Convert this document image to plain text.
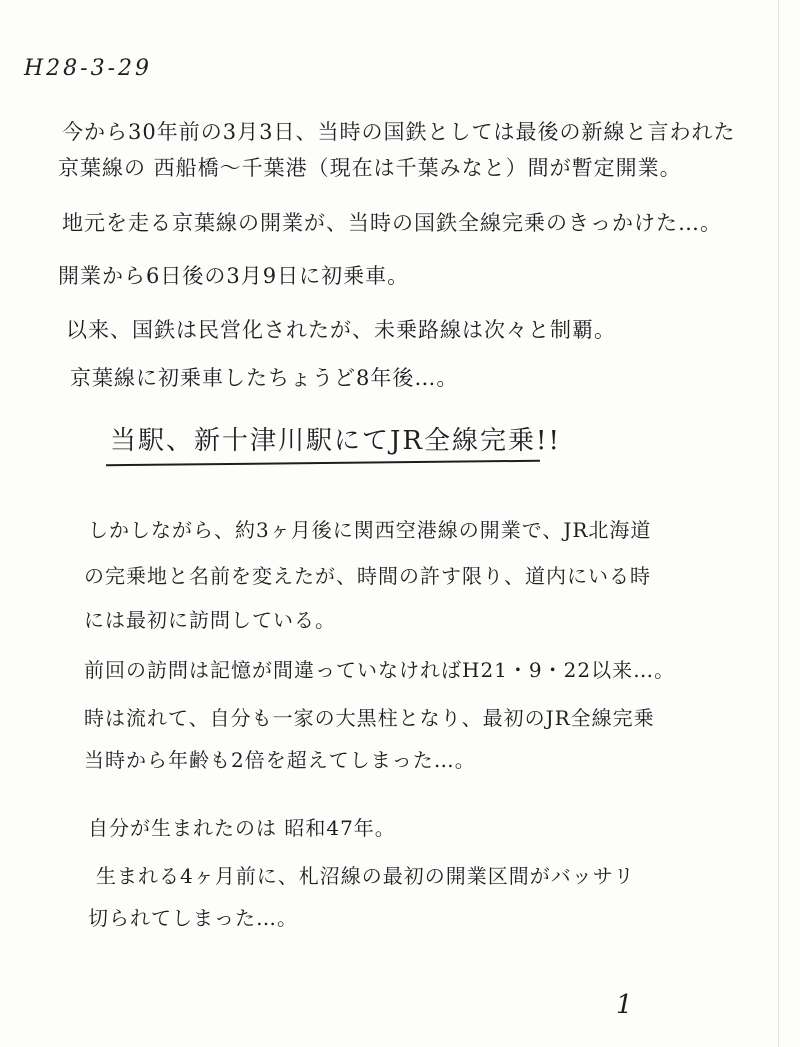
H28-3-29
今から30年前の3月3日、当時の国鉄としては最後の新線と言われた
京葉線の 西船橋〜千葉港（現在は千葉みなと）間が暫定開業。
地元を走る京葉線の開業が、当時の国鉄全線完乗のきっかけた…。
開業から6日後の3月9日に初乗車。
以来、国鉄は民営化されたが、未乗路線は次々と制覇。
京葉線に初乗車したちょうど8年後…。
当駅、新十津川駅にてJR全線完乗!!
しかしながら、約3ヶ月後に関西空港線の開業で、JR北海道
の完乗地と名前を変えたが、時間の許す限り、道内にいる時
には最初に訪問している。
前回の訪問は記憶が間違っていなければH21・9・22以来…。
時は流れて、自分も一家の大黒柱となり、最初のJR全線完乗
当時から年齢も2倍を超えてしまった…。
自分が生まれたのは 昭和47年。
生まれる4ヶ月前に、札沼線の最初の開業区間がバッサリ
切られてしまった…。
1
